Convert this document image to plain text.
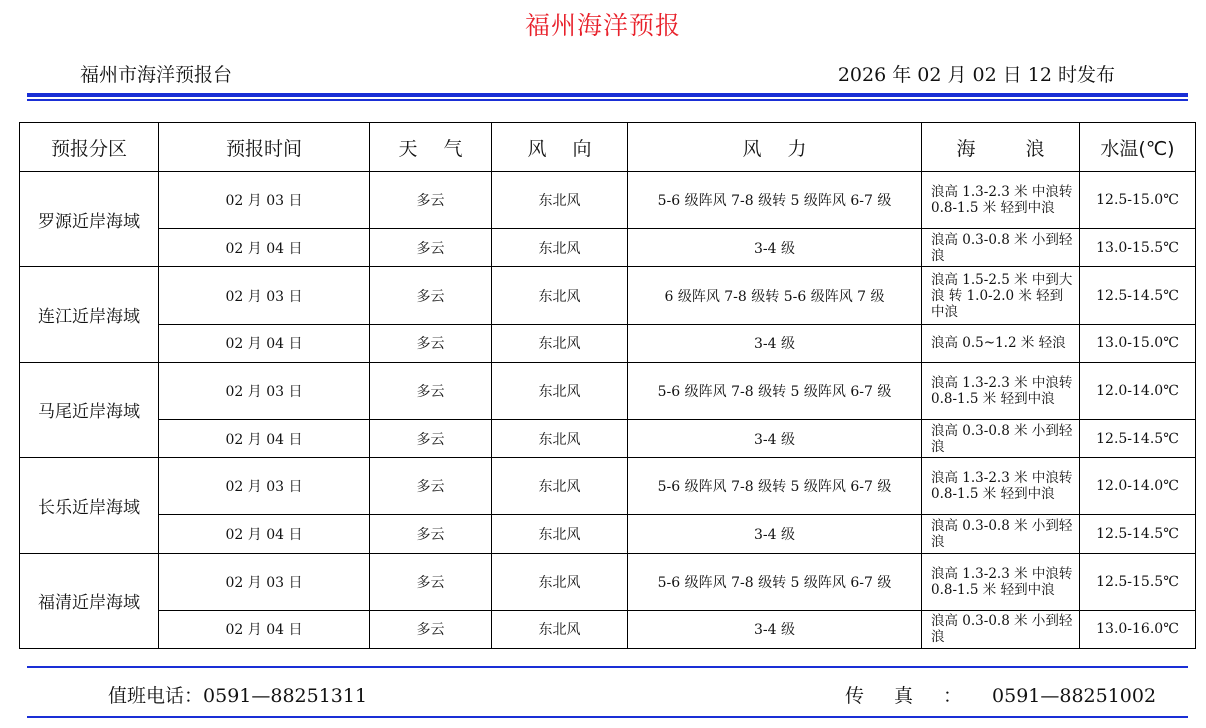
福州海洋预报
福州市海洋预报台	2026 年 02 月 02 日 12 时发布
预报分区	预报时间	天 气	风 向	风 力	海 浪	水温(℃)
罗源近岸海域	02 月 03 日	多云	东北风	5-6 级阵风 7-8 级转 5 级阵风 6-7 级	浪高 1.3-2.3 米 中浪转 0.8-1.5 米 轻到中浪	12.5-15.0℃
	02 月 04 日	多云	东北风	3-4 级	浪高 0.3-0.8 米 小到轻浪	13.0-15.5℃
连江近岸海域	02 月 03 日	多云	东北风	6 级阵风 7-8 级转 5-6 级阵风 7 级	浪高 1.5-2.5 米 中到大浪 转 1.0-2.0 米 轻到中浪	12.5-14.5℃
	02 月 04 日	多云	东北风	3-4 级	浪高 0.5~1.2 米 轻浪	13.0-15.0℃
马尾近岸海域	02 月 03 日	多云	东北风	5-6 级阵风 7-8 级转 5 级阵风 6-7 级	浪高 1.3-2.3 米 中浪转 0.8-1.5 米 轻到中浪	12.0-14.0℃
	02 月 04 日	多云	东北风	3-4 级	浪高 0.3-0.8 米 小到轻浪	12.5-14.5℃
长乐近岸海域	02 月 03 日	多云	东北风	5-6 级阵风 7-8 级转 5 级阵风 6-7 级	浪高 1.3-2.3 米 中浪转 0.8-1.5 米 轻到中浪	12.0-14.0℃
	02 月 04 日	多云	东北风	3-4 级	浪高 0.3-0.8 米 小到轻浪	12.5-14.5℃
福清近岸海域	02 月 03 日	多云	东北风	5-6 级阵风 7-8 级转 5 级阵风 6-7 级	浪高 1.3-2.3 米 中浪转 0.8-1.5 米 轻到中浪	12.5-15.5℃
	02 月 04 日	多云	东北风	3-4 级	浪高 0.3-0.8 米 小到轻浪	13.0-16.0℃
值班电话：0591—88251311	传真：0591—88251002
